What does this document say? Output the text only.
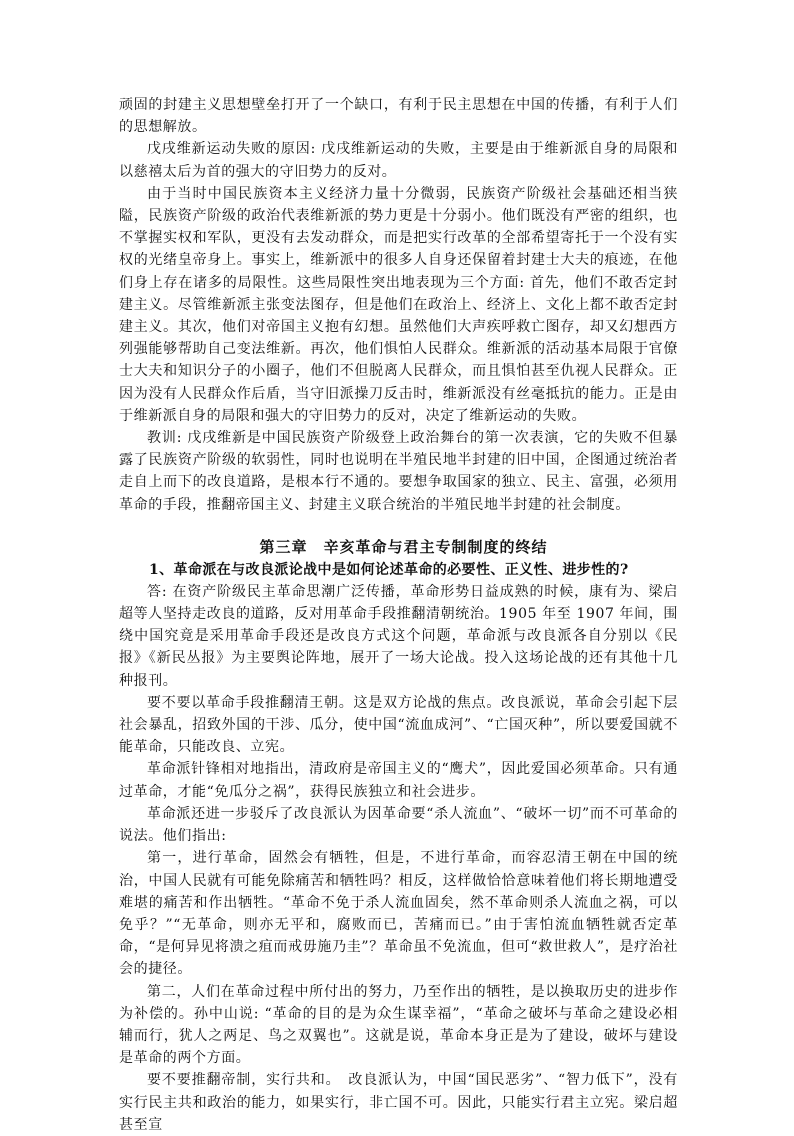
顽固的封建主义思想壁垒打开了一个缺口，有利于民主思想在中国的传播，有利于人们的思想解放。

戊戌维新运动失败的原因: 戊戌维新运动的失败，主要是由于维新派自身的局限和以慈禧太后为首的强大的守旧势力的反对。

由于当时中国民族资本主义经济力量十分微弱，民族资产阶级社会基础还相当狭隘，民族资产阶级的政治代表维新派的势力更是十分弱小。他们既没有严密的组织，也不掌握实权和军队，更没有去发动群众，而是把实行改革的全部希望寄托于一个没有实权的光绪皇帝身上。事实上，维新派中的很多人自身还保留着封建士大夫的痕迹，在他们身上存在诸多的局限性。这些局限性突出地表现为三个方面: 首先，他们不敢否定封建主义。尽管维新派主张变法图存，但是他们在政治上、经济上、文化上都不敢否定封建主义。其次，他们对帝国主义抱有幻想。虽然他们大声疾呼救亡图存，却又幻想西方列强能够帮助自己变法维新。再次，他们惧怕人民群众。维新派的活动基本局限于官僚士大夫和知识分子的小圈子，他们不但脱离人民群众，而且惧怕甚至仇视人民群众。正因为没有人民群众作后盾，当守旧派操刀反击时，维新派没有丝毫抵抗的能力。正是由于维新派自身的局限和强大的守旧势力的反对，决定了维新运动的失败。

教训: 戊戌维新是中国民族资产阶级登上政治舞台的第一次表演，它的失败不但暴露了民族资产阶级的软弱性，同时也说明在半殖民地半封建的旧中国，企图通过统治者走自上而下的改良道路，是根本行不通的。要想争取国家的独立、民主、富强，必须用革命的手段，推翻帝国主义、封建主义联合统治的半殖民地半封建的社会制度。

第三章　辛亥革命与君主专制制度的终结

1、革命派在与改良派论战中是如何论述革命的必要性、正义性、进步性的?

答: 在资产阶级民主革命思潮广泛传播，革命形势日益成熟的时候，康有为、梁启超等人坚持走改良的道路，反对用革命手段推翻清朝统治。1905 年至 1907 年间，围绕中国究竟是采用革命手段还是改良方式这个问题，革命派与改良派各自分别以《民报》《新民丛报》为主要舆论阵地，展开了一场大论战。投入这场论战的还有其他十几种报刊。

要不要以革命手段推翻清王朝。这是双方论战的焦点。改良派说，革命会引起下层社会暴乱，招致外国的干涉、瓜分，使中国“流血成河”、“亡国灭种”，所以要爱国就不能革命，只能改良、立宪。

革命派针锋相对地指出，清政府是帝国主义的“鹰犬”，因此爱国必须革命。只有通过革命，才能“免瓜分之祸”，获得民族独立和社会进步。

革命派还进一步驳斥了改良派认为因革命要“杀人流血”、“破坏一切”而不可革命的说法。他们指出:

第一，进行革命，固然会有牺牲，但是，不进行革命，而容忍清王朝在中国的统治，中国人民就有可能免除痛苦和牺牲吗？相反，这样做恰恰意味着他们将长期地遭受难堪的痛苦和作出牺牲。“革命不免于杀人流血固矣，然不革命则杀人流血之祸，可以免乎？”“无革命，则亦无平和，腐败而已，苦痛而已。”由于害怕流血牺牲就否定革命，“是何异见将溃之疽而戒毋施乃圭”？革命虽不免流血，但可“救世救人”，是疗治社会的捷径。

第二，人们在革命过程中所付出的努力，乃至作出的牺牲，是以换取历史的进步作为补偿的。孙中山说: “革命的目的是为众生谋幸福”，“革命之破坏与革命之建设必相辅而行，犹人之两足、鸟之双翼也”。这就是说，革命本身正是为了建设，破坏与建设是革命的两个方面。

要不要推翻帝制，实行共和。　改良派认为，中国“国民恶劣”、“智力低下”，没有实行民主共和政治的能力，如果实行，非亡国不可。因此，只能实行君主立宪。梁启超甚至宣
